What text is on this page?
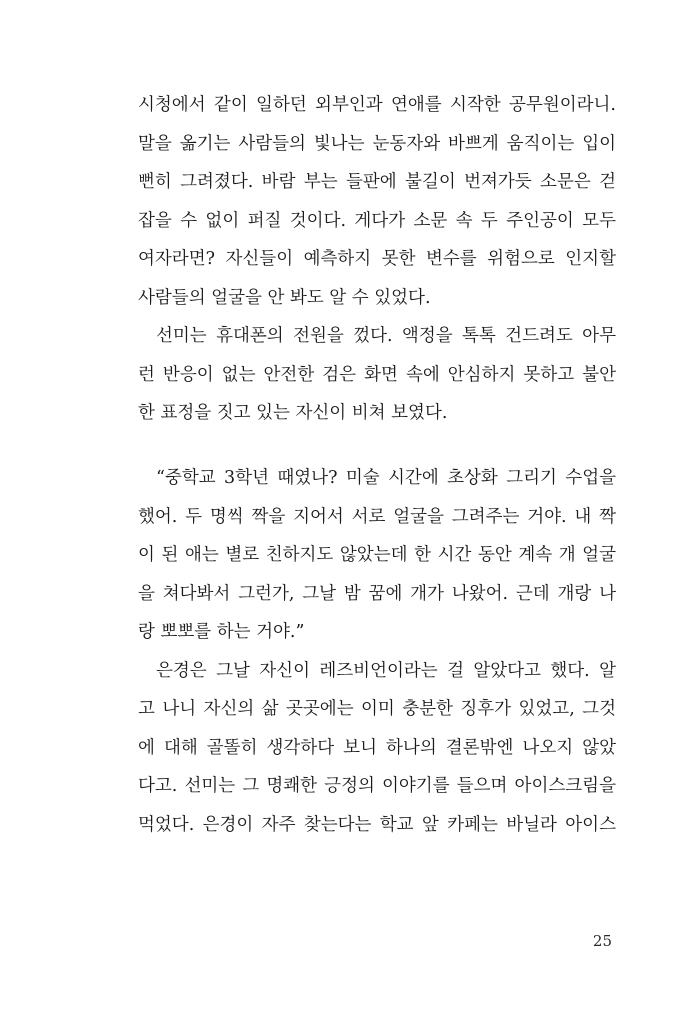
시청에서 같이 일하던 외부인과 연애를 시작한 공무원이라니.
말을 옮기는 사람들의 빛나는 눈동자와 바쁘게 움직이는 입이
뻔히 그려졌다. 바람 부는 들판에 불길이 번져가듯 소문은 걷
잡을 수 없이 퍼질 것이다. 게다가 소문 속 두 주인공이 모두
여자라면? 자신들이 예측하지 못한 변수를 위험으로 인지할
사람들의 얼굴을 안 봐도 알 수 있었다.
선미는 휴대폰의 전원을 껐다. 액정을 톡톡 건드려도 아무
런 반응이 없는 안전한 검은 화면 속에 안심하지 못하고 불안
한 표정을 짓고 있는 자신이 비쳐 보였다.
“중학교 3학년 때였나? 미술 시간에 초상화 그리기 수업을
했어. 두 명씩 짝을 지어서 서로 얼굴을 그려주는 거야. 내 짝
이 된 애는 별로 친하지도 않았는데 한 시간 동안 계속 개 얼굴
을 쳐다봐서 그런가, 그날 밤 꿈에 개가 나왔어. 근데 개랑 나
랑 뽀뽀를 하는 거야.”
은경은 그날 자신이 레즈비언이라는 걸 알았다고 했다. 알
고 나니 자신의 삶 곳곳에는 이미 충분한 징후가 있었고, 그것
에 대해 골똘히 생각하다 보니 하나의 결론밖엔 나오지 않았
다고. 선미는 그 명쾌한 긍정의 이야기를 들으며 아이스크림을
먹었다. 은경이 자주 찾는다는 학교 앞 카페는 바닐라 아이스
25
